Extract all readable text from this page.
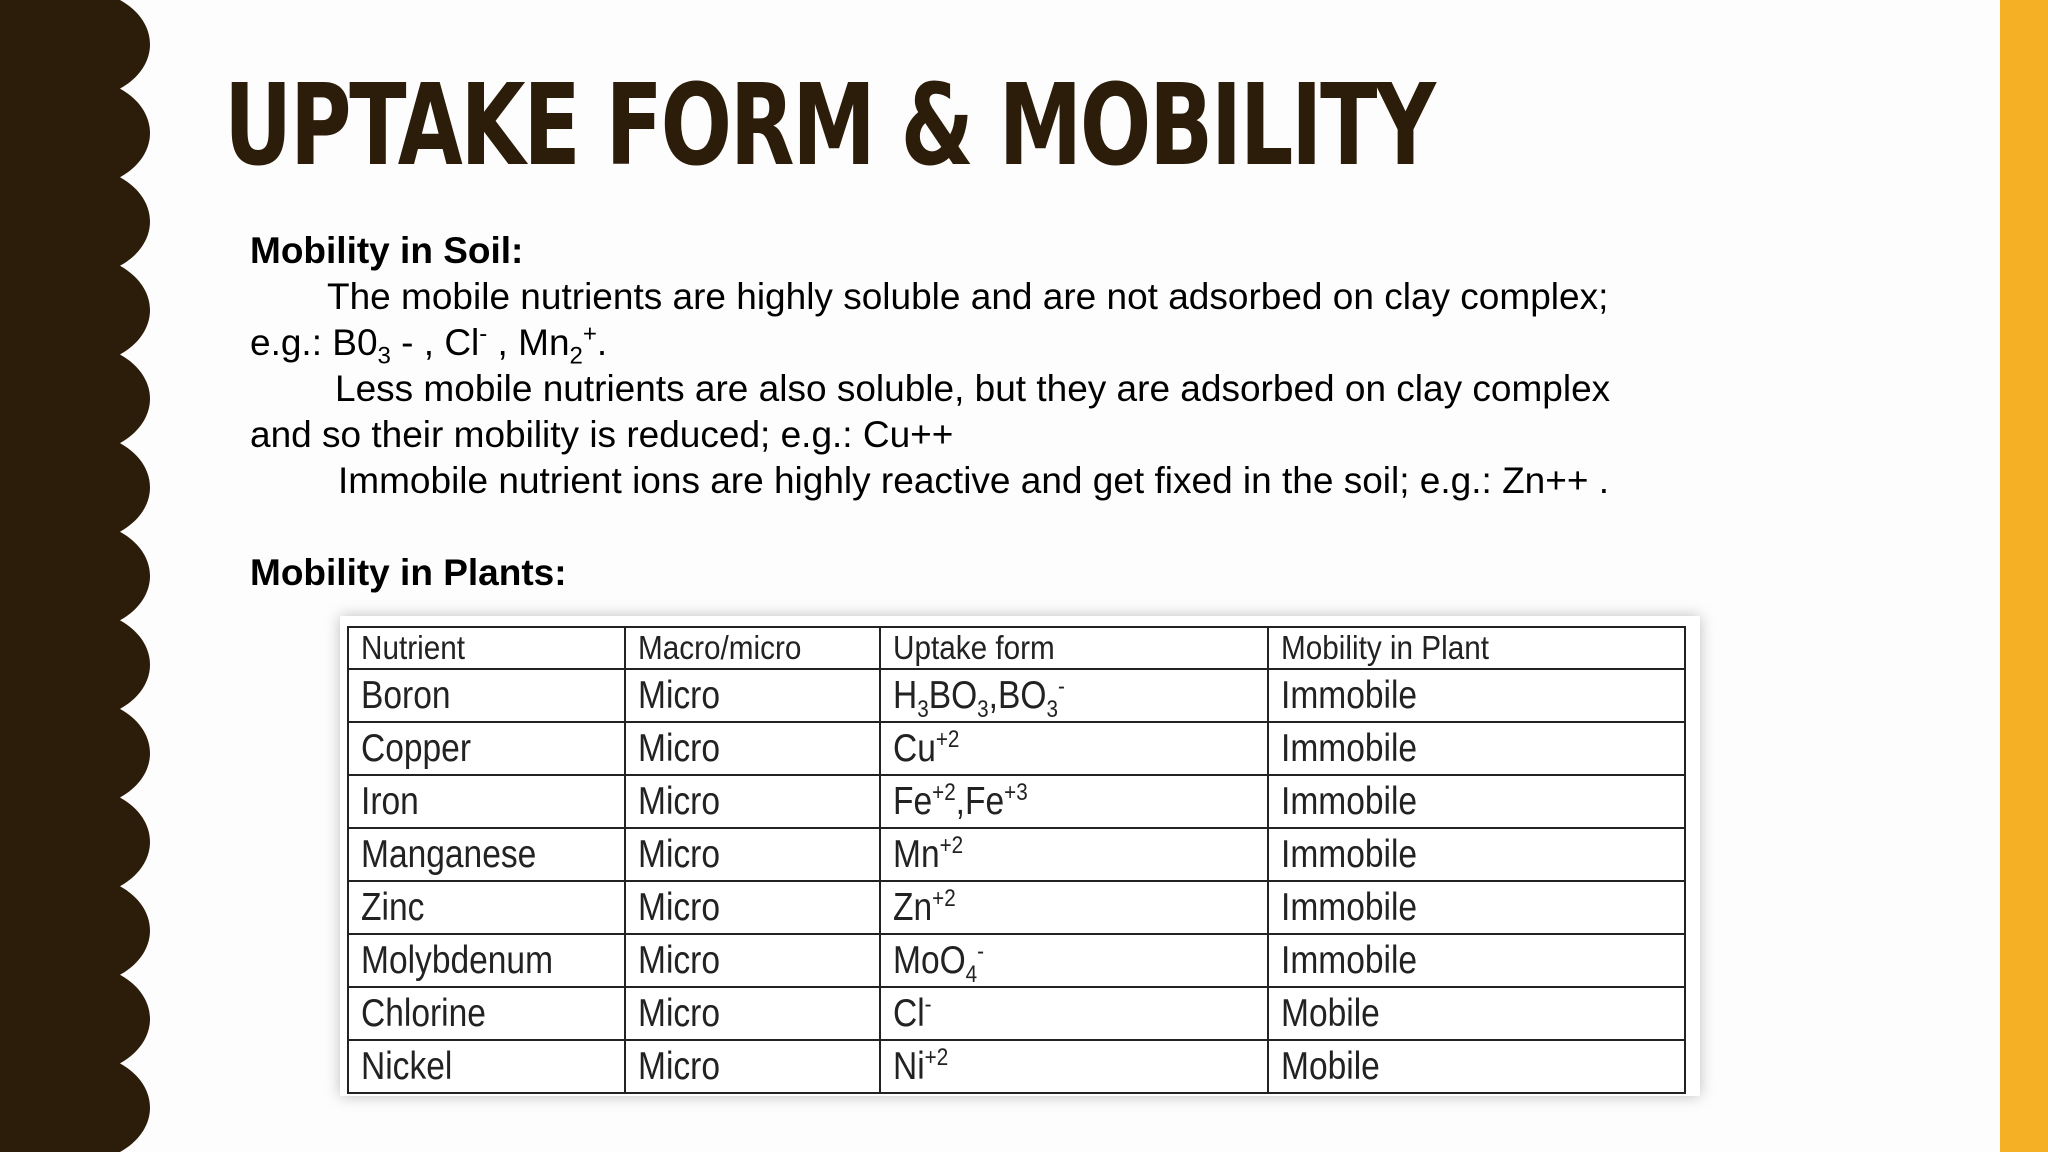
UPTAKE FORM & MOBILITY
Mobility in Soil:
The mobile nutrients are highly soluble and are not adsorbed on clay complex;
e.g.: $B0_3$ - , Cl- , $Mn_2^+$.
Less mobile nutrients are also soluble, but they are adsorbed on clay complex
and so their mobility is reduced; e.g.: Cu++
Immobile nutrient ions are highly reactive and get fixed in the soil; e.g.: Zn++ .
Mobility in Plants:
Nutrient	Macro/micro	Uptake form	Mobility in Plant
Boron	Micro	$H_3BO_3,BO_3^-$	Immobile
Copper	Micro	$Cu^{+2}$	Immobile
Iron	Micro	$Fe^{+2},Fe^{+3}$	Immobile
Manganese	Micro	$Mn^{+2}$	Immobile
Zinc	Micro	$Zn^{+2}$	Immobile
Molybdenum	Micro	MoO$_4$-	Immobile
Chlorine	Micro	Cl-	Mobile
Nickel	Micro	$Ni^{+2}$	Mobile
